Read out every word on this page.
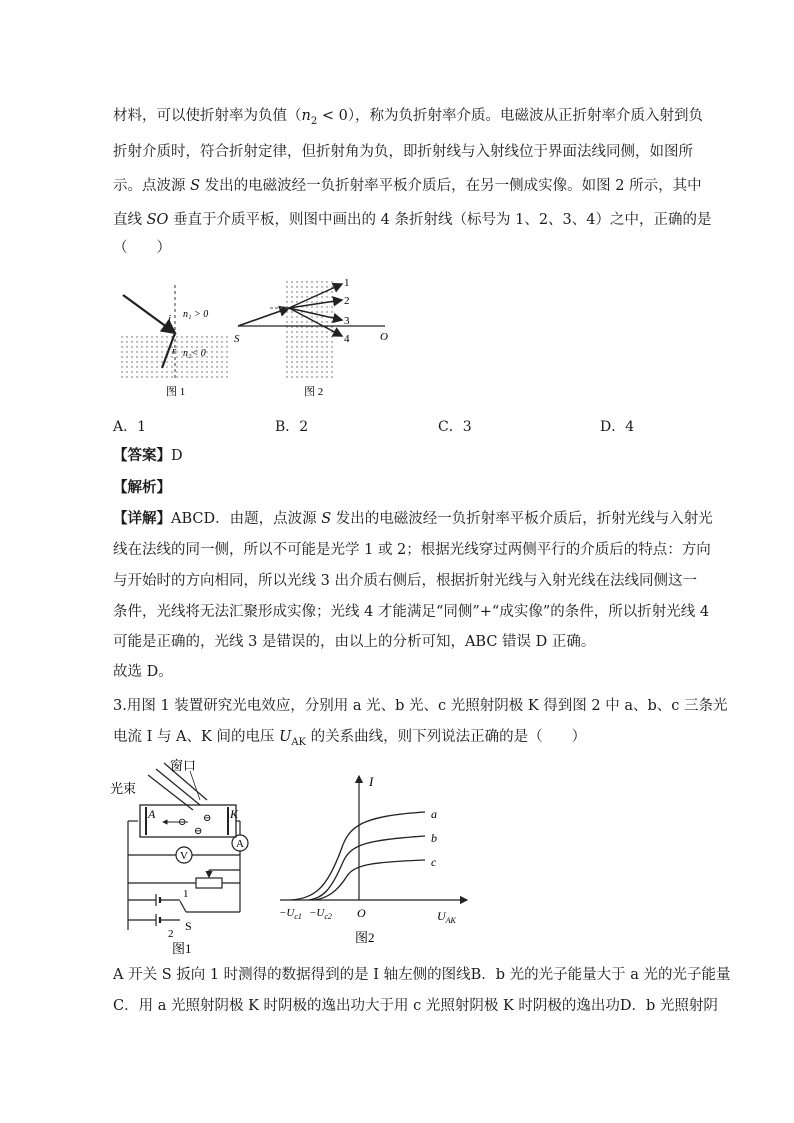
材料，可以使折射率为负值$(n_2 < 0)$，称为负折射率介质。电磁波从正折射率介质入射到负
折射介质时，符合折射定律，但折射角为负，即折射线与入射线位于界面法线同侧，如图所
示。点波源 S 发出的电磁波经一负折射率平板介质后，在另一侧成实像。如图 2 所示，其中
直线 SO 垂直于介质平板，则图中画出的 4 条折射线（标号为 1、2、3、4）之中，正确的是
（　　）
i
r
n₁ > 0
n₂< 0
图 1
1
2
3
4
S	O
图 2
A．1	B．2	C．3	D．4
【答案】D
【解析】
【详解】ABCD．由题，点波源 S 发出的电磁波经一负折射率平板介质后，折射光线与入射光
线在法线的同一侧，所以不可能是光学 1 或 2；根据光线穿过两侧平行的介质后的特点：方向
与开始时的方向相同，所以光线 3 出介质右侧后，根据折射光线与入射光线在法线同侧这一
条件，光线将无法汇聚形成实像；光线 4 才能满足“同侧”+“成实像”的条件，所以折射光线 4
可能是正确的，光线 3 是错误的，由以上的分析可知，ABC 错误 D 正确。
故选 D。
3.用图 1 装置研究光电效应，分别用 a 光、b 光、c 光照射阴极 K 得到图 2 中 a、b、c 三条光
电流 I 与 A、K 间的电压 $U_{AK}$ 的关系曲线，则下列说法正确的是（　　）
光束
窗口
A	K
⊖ ⊖
⊖
A
V
1
S
2
图1
a
b
c
I
O
$-U_{c1} -U_{c2}$	$U_{AK}$
图2
A 开关 S 扳向 1 时测得的数据得到的是 I 轴左侧的图线B．b 光的光子能量大于 a 光的光子能量
C．用 a 光照射阴极 K 时阴极的逸出功大于用 c 光照射阴极 K 时阴极的逸出功D．b 光照射阴
